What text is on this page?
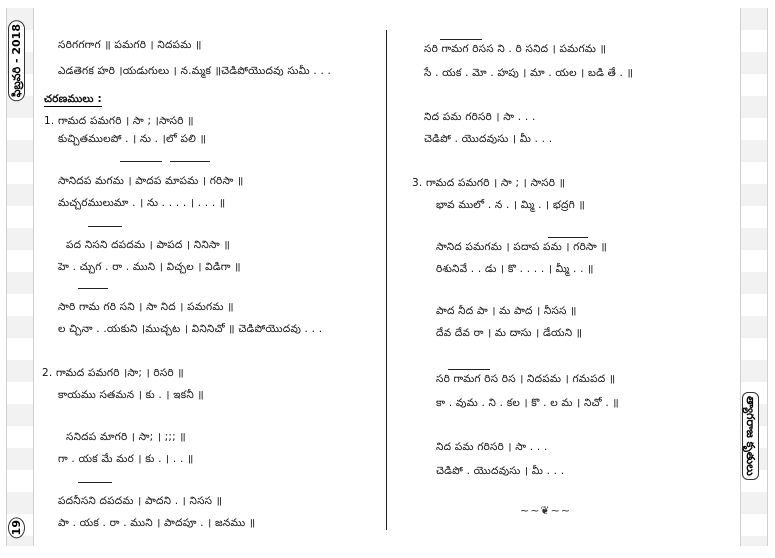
ఫిబ్రవరి - 2018
19
త్యాగరాజ కృతులు
సరిగగగాగ ॥ పమగరి । నిదపమ ॥
ఎడతెగక హరి ।యడుగులు । న.మ్మక ॥చెడిపోయొదవు సుమీ . . .
చరణములు :
1. గామద పమగరి । సా ; ।సాసరి ॥
కుచ్చితములపో . । ను . ।లో పలి ॥
సానిదప మగమ । పాదప మాపమ । గరిసా ॥
మచ్చరములుమా . । ను . . . . । . . . ॥
పద నిసని దపదమ । పాపద । నినిసా ॥
హె . చ్చుగ . రా . ముని । విచ్చల । విడిగా ॥
సారి గామ గరి సని । సా నిద । పమగమ ॥
ల చ్చినా . .యకుని ।ముచ్చట । వినినిచో ॥ చెడిపోయొదవు . . .
2. గామద పమగరి ।సా; । రిసరి ॥
కాయము సతమన । కు . । ఇకనీ ॥
సనిదప మాగరి । సా; । ;;; ॥
గా . యక మే మర । కు . । . . ॥
పదనీసని దపదమ । పాదని . । నిసస ॥
పా . యక . రా . ముని । పాదపూ . । జనము ॥
సరి గామగ రిసస ని . రి సనిద । పమగమ ॥
సే . యక . మో . హపు । మా . యల । బడి తే . ॥
నిద పమ గరిసరి । సా . . .
చెడిపో . యొదవుసు । మీ . . .
3. గామద పమగరి । సా ; । సాసరి ॥
భావ ములో . న . । మ్మి . । భద్రగి ॥
సానిద పమగమ । పదాప పమ । గరిసా ॥
రిశునివే . . డు । కొ . . . . । మ్మీ . . ॥
పాద నీద పా । మ పాద । నీసస ॥
దేవ దేవ రా । మ దాసు । డేయని ॥
సరి గామగ రిస రిస । నిదపమ । గమపద ॥
కా . వుమ . ని . కల । కొ . ల మ । నిచో . ॥
నిద పమ గరిసరి । సా . . .
చెడిపో . యొదవుసు । మీ . . .
~~❦~~
